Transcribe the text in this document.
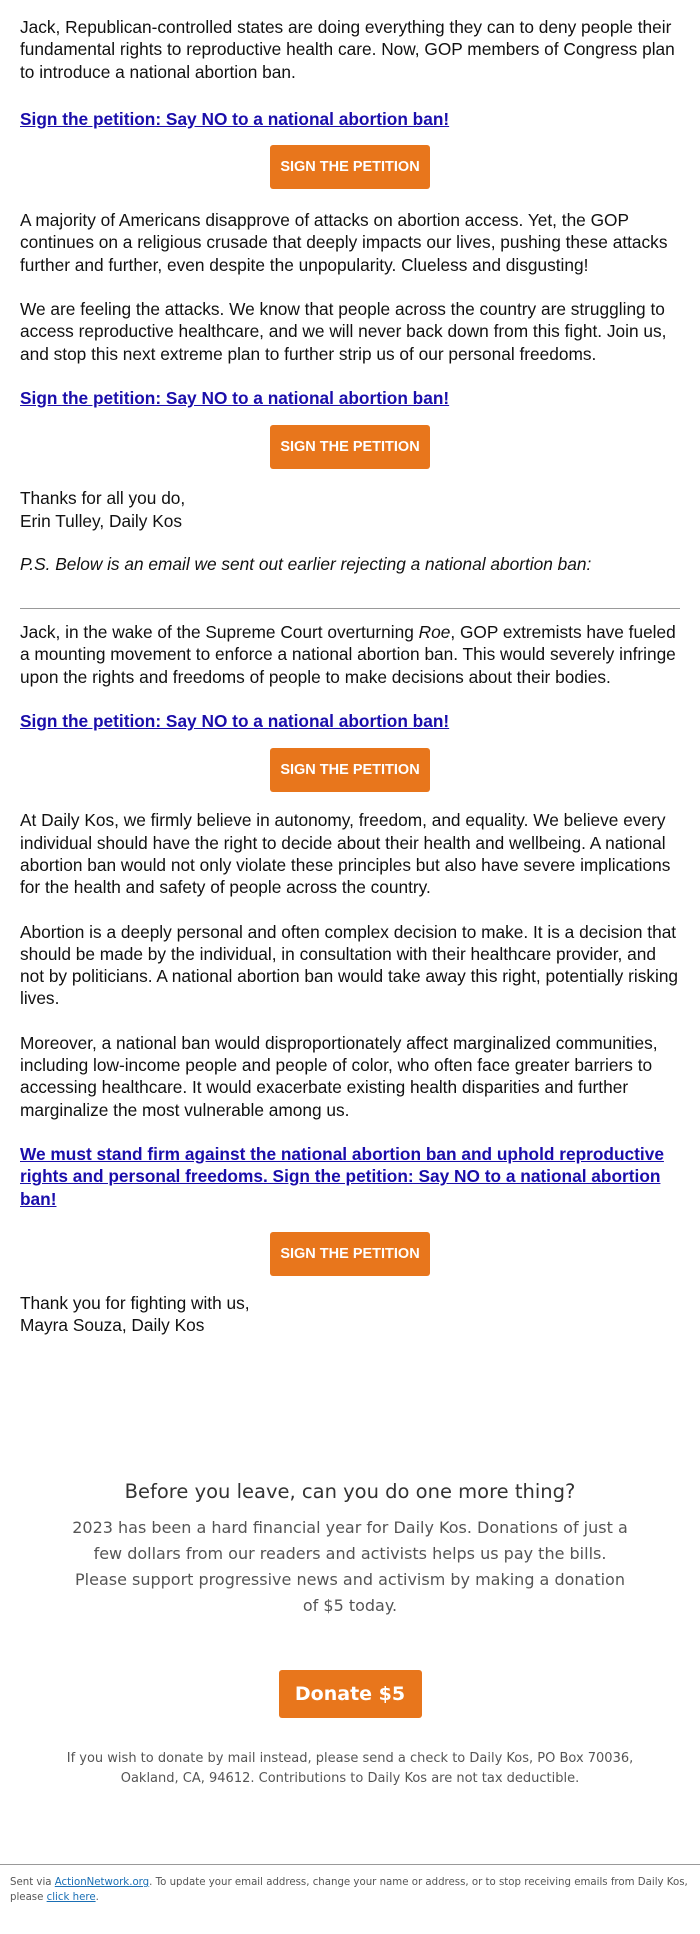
Jack, Republican-controlled states are doing everything they can to deny people their fundamental rights to reproductive health care. Now, GOP members of Congress plan to introduce a national abortion ban.

Sign the petition: Say NO to a national abortion ban!
SIGN THE PETITION

A majority of Americans disapprove of attacks on abortion access. Yet, the GOP continues on a religious crusade that deeply impacts our lives, pushing these attacks further and further, even despite the unpopularity. Clueless and disgusting!

We are feeling the attacks. We know that people across the country are struggling to access reproductive healthcare, and we will never back down from this fight. Join us, and stop this next extreme plan to further strip us of our personal freedoms.

Sign the petition: Say NO to a national abortion ban!
SIGN THE PETITION

Thanks for all you do,

Erin Tulley, Daily Kos

P.S. Below is an email we sent out earlier rejecting a national abortion ban:

Jack, in the wake of the Supreme Court overturning Roe, GOP extremists have fueled a mounting movement to enforce a national abortion ban. This would severely infringe upon the rights and freedoms of people to make decisions about their bodies.

Sign the petition: Say NO to a national abortion ban!
SIGN THE PETITION

At Daily Kos, we firmly believe in autonomy, freedom, and equality. We believe every individual should have the right to decide about their health and wellbeing. A national abortion ban would not only violate these principles but also have severe implications for the health and safety of people across the country.

Abortion is a deeply personal and often complex decision to make. It is a decision that should be made by the individual, in consultation with their healthcare provider, and not by politicians. A national abortion ban would take away this right, potentially risking lives.

Moreover, a national ban would disproportionately affect marginalized communities, including low-income people and people of color, who often face greater barriers to accessing healthcare. It would exacerbate existing health disparities and further marginalize the most vulnerable among us.

We must stand firm against the national abortion ban and uphold reproductive rights and personal freedoms. Sign the petition: Say NO to a national abortion ban!
SIGN THE PETITION

Thank you for fighting with us,

Mayra Souza, Daily Kos

Before you leave, can you do one more thing?
2023 has been a hard financial year for Daily Kos. Donations of just a few dollars from our readers and activists helps us pay the bills. Please support progressive news and activism by making a donation of $5 today.
Donate $5
If you wish to donate by mail instead, please send a check to Daily Kos, PO Box 70036, Oakland, CA, 94612. Contributions to Daily Kos are not tax deductible.
Sent via ActionNetwork.org. To update your email address, change your name or address, or to stop receiving emails from Daily Kos, please click here.
